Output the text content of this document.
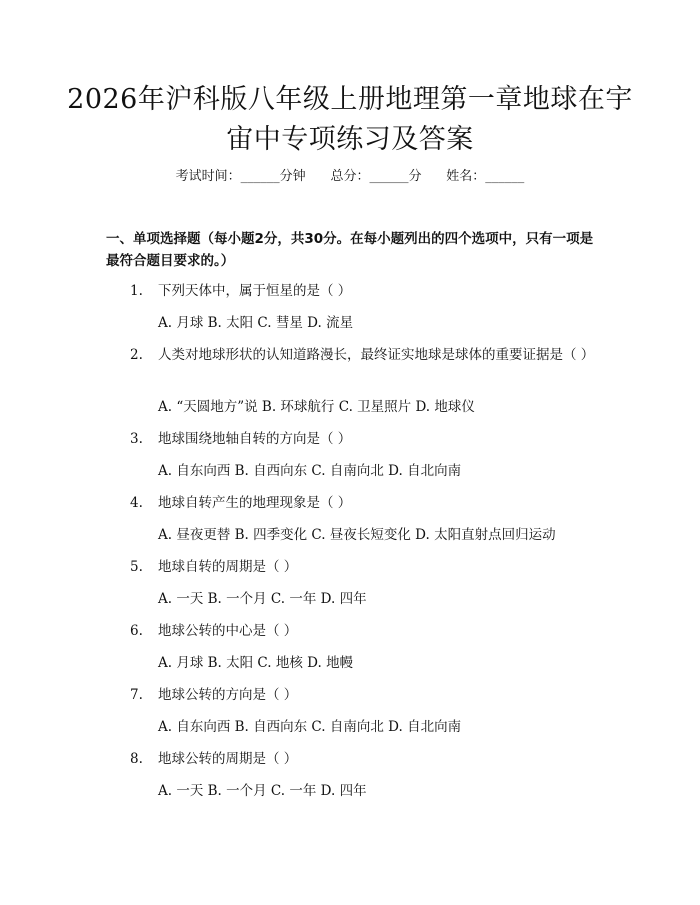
2026年沪科版八年级上册地理第一章地球在宇宙中专项练习及答案
考试时间：______分钟 总分：______分 姓名：______

一、单项选择题（每小题2分，共30分。在每小题列出的四个选项中，只有一项是最符合题目要求的。）

1. 下列天体中，属于恒星的是（ ）
A. 月球 B. 太阳 C. 彗星 D. 流星
2. 人类对地球形状的认知道路漫长，最终证实地球是球体的重要证据是（ ）
A. “天圆地方”说 B. 环球航行 C. 卫星照片 D. 地球仪
3. 地球围绕地轴自转的方向是（ ）
A. 自东向西 B. 自西向东 C. 自南向北 D. 自北向南
4. 地球自转产生的地理现象是（ ）
A. 昼夜更替 B. 四季变化 C. 昼夜长短变化 D. 太阳直射点回归运动
5. 地球自转的周期是（ ）
A. 一天 B. 一个月 C. 一年 D. 四年
6. 地球公转的中心是（ ）
A. 月球 B. 太阳 C. 地核 D. 地幔
7. 地球公转的方向是（ ）
A. 自东向西 B. 自西向东 C. 自南向北 D. 自北向南
8. 地球公转的周期是（ ）
A. 一天 B. 一个月 C. 一年 D. 四年
